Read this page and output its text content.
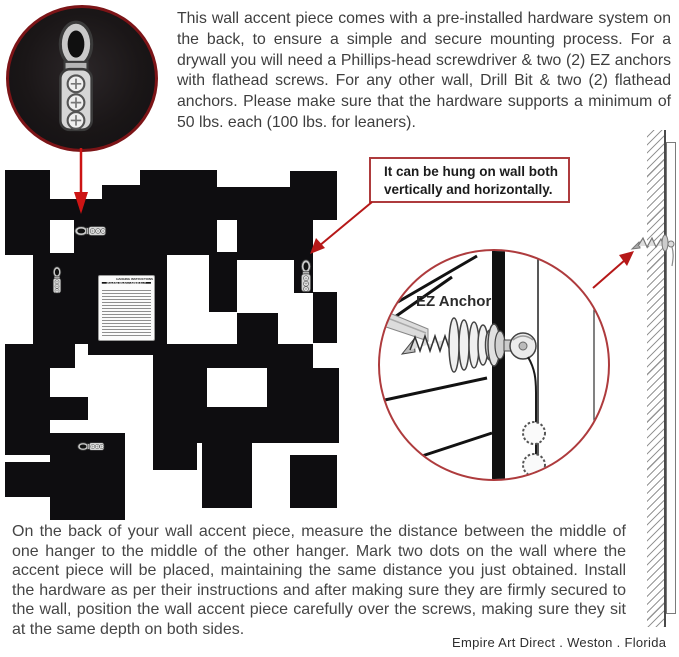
This wall accent piece comes with a pre-installed hardware system on the back, to ensure a simple and secure mounting process. For a drywall you will need a Phillips-head screwdriver & two (2) EZ anchors with flathead screws. For any other wall, Drill Bit & two (2) flathead anchors. Please make sure that the hardware supports a minimum of 50 lbs. each (100 lbs. for leaners).
On the back of your wall accent piece, measure the distance between the middle of one hanger to the middle of the other hanger. Mark two dots on the wall where the accent piece will be placed, maintaining the same distance you just obtained. Install the hardware as per their instructions and after making sure they are firmly secured to the wall, position the wall accent piece carefully over the screws, making sure they sit at the same depth on both sides.
Empire Art Direct . Weston . Florida
HANGING INSTRUCTIONS
PLEASE READ CAREFULLY
It can be hung on wall both vertically and horizontally.
EZ Anchor
